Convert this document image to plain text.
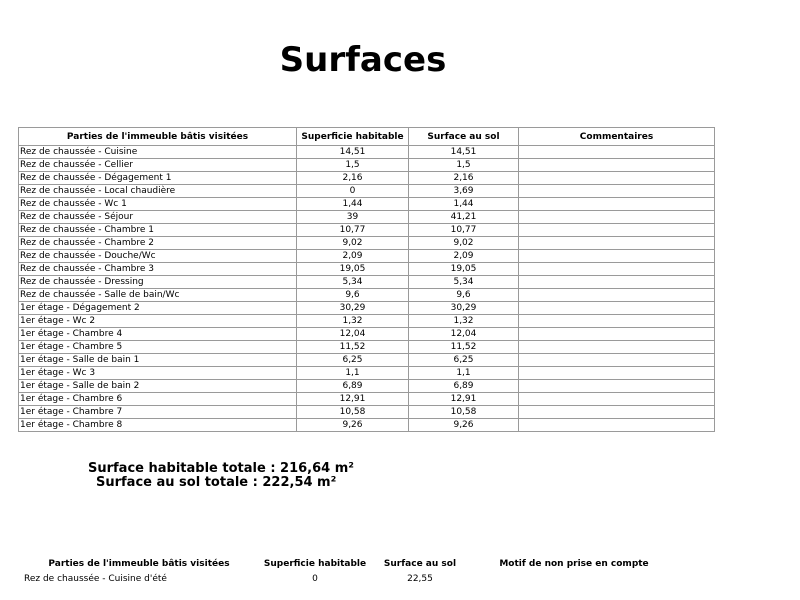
Surfaces
Parties de l'immeuble bâtis visitées	Superficie habitable	Surface au sol	Commentaires
Rez de chaussée - Cuisine	14,51	14,51	
Rez de chaussée - Cellier	1,5	1,5	
Rez de chaussée - Dégagement 1	2,16	2,16	
Rez de chaussée - Local chaudière	0	3,69	
Rez de chaussée - Wc 1	1,44	1,44	
Rez de chaussée - Séjour	39	41,21	
Rez de chaussée - Chambre 1	10,77	10,77	
Rez de chaussée - Chambre 2	9,02	9,02	
Rez de chaussée - Douche/Wc	2,09	2,09	
Rez de chaussée - Chambre 3	19,05	19,05	
Rez de chaussée - Dressing	5,34	5,34	
Rez de chaussée - Salle de bain/Wc	9,6	9,6	
1er étage - Dégagement 2	30,29	30,29	
1er étage - Wc 2	1,32	1,32	
1er étage - Chambre 4	12,04	12,04	
1er étage - Chambre 5	11,52	11,52	
1er étage - Salle de bain 1	6,25	6,25	
1er étage - Wc 3	1,1	1,1	
1er étage - Salle de bain 2	6,89	6,89	
1er étage - Chambre 6	12,91	12,91	
1er étage - Chambre 7	10,58	10,58	
1er étage - Chambre 8	9,26	9,26	
Surface habitable totale : 216,64 m²
Surface au sol totale : 222,54 m²
Parties de l'immeuble bâtis visitées	Superficie habitable	Surface au sol	Motif de non prise en compte
Rez de chaussée - Cuisine d'été	0	22,55	
